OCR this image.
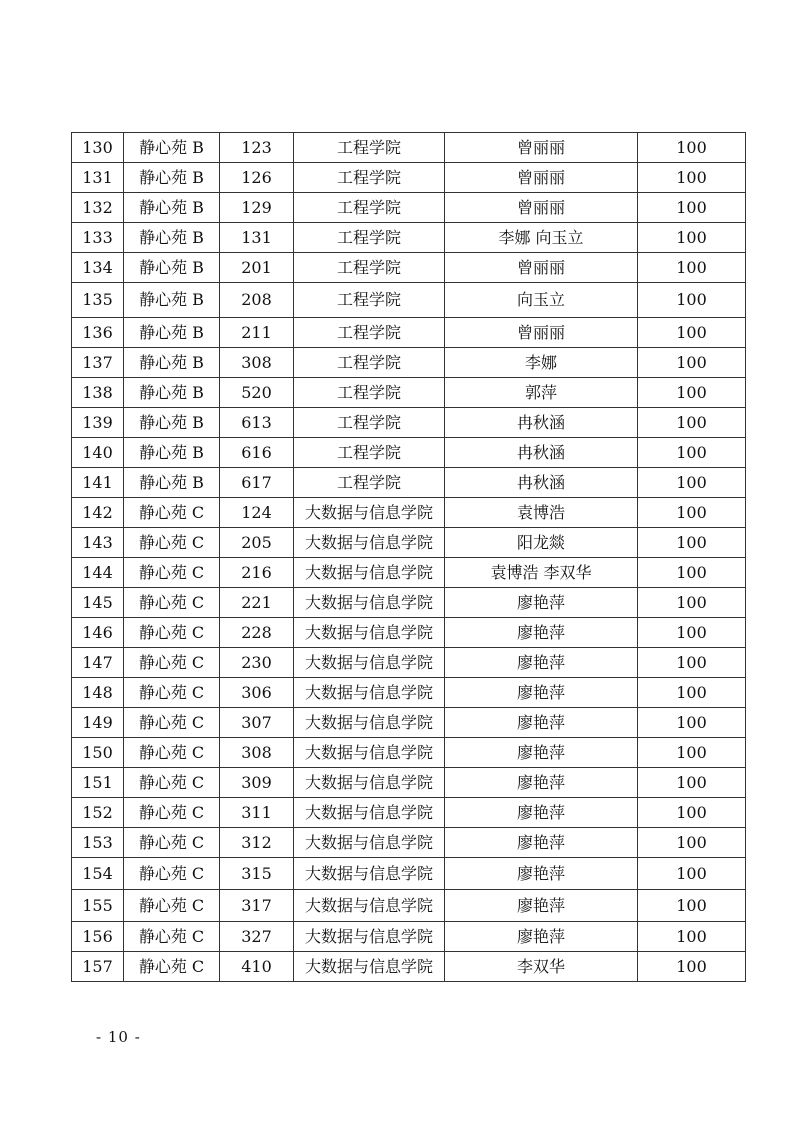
130	静心苑 B	123	工程学院	曾丽丽	100
131	静心苑 B	126	工程学院	曾丽丽	100
132	静心苑 B	129	工程学院	曾丽丽	100
133	静心苑 B	131	工程学院	李娜 向玉立	100
134	静心苑 B	201	工程学院	曾丽丽	100
135	静心苑 B	208	工程学院	向玉立	100
136	静心苑 B	211	工程学院	曾丽丽	100
137	静心苑 B	308	工程学院	李娜	100
138	静心苑 B	520	工程学院	郭萍	100
139	静心苑 B	613	工程学院	冉秋涵	100
140	静心苑 B	616	工程学院	冉秋涵	100
141	静心苑 B	617	工程学院	冉秋涵	100
142	静心苑 C	124	大数据与信息学院	袁博浩	100
143	静心苑 C	205	大数据与信息学院	阳龙燚	100
144	静心苑 C	216	大数据与信息学院	袁博浩 李双华	100
145	静心苑 C	221	大数据与信息学院	廖艳萍	100
146	静心苑 C	228	大数据与信息学院	廖艳萍	100
147	静心苑 C	230	大数据与信息学院	廖艳萍	100
148	静心苑 C	306	大数据与信息学院	廖艳萍	100
149	静心苑 C	307	大数据与信息学院	廖艳萍	100
150	静心苑 C	308	大数据与信息学院	廖艳萍	100
151	静心苑 C	309	大数据与信息学院	廖艳萍	100
152	静心苑 C	311	大数据与信息学院	廖艳萍	100
153	静心苑 C	312	大数据与信息学院	廖艳萍	100
154	静心苑 C	315	大数据与信息学院	廖艳萍	100
155	静心苑 C	317	大数据与信息学院	廖艳萍	100
156	静心苑 C	327	大数据与信息学院	廖艳萍	100
157	静心苑 C	410	大数据与信息学院	李双华	100
- 10 -
